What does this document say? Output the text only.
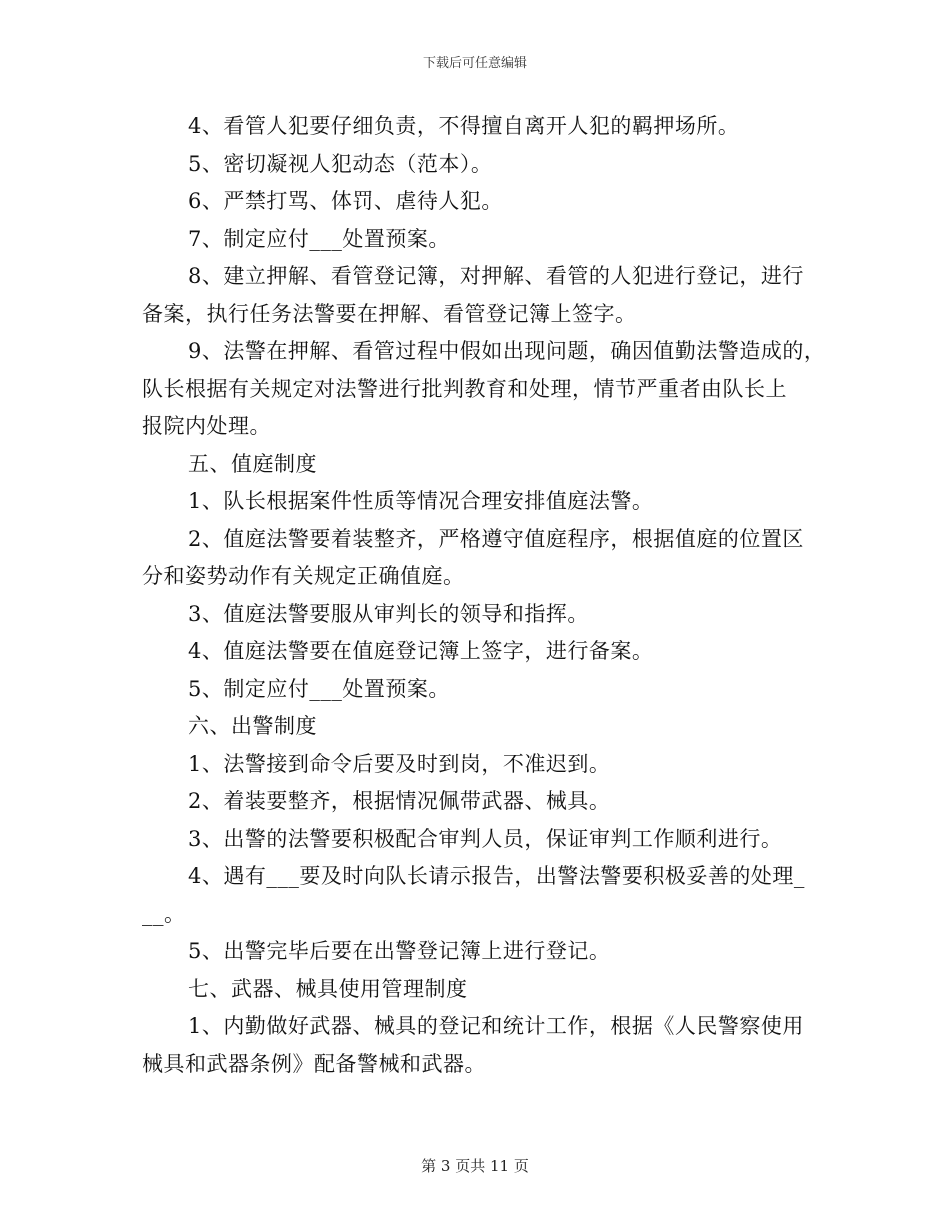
下载后可任意编辑
4、看管人犯要仔细负责，不得擅自离开人犯的羁押场所。
5、密切凝视人犯动态（范本）。
6、严禁打骂、体罚、虐待人犯。
7、制定应付___处置预案。
8、建立押解、看管登记簿，对押解、看管的人犯进行登记，进行
备案，执行任务法警要在押解、看管登记簿上签字。
9、法警在押解、看管过程中假如出现问题，确因值勤法警造成的，
队长根据有关规定对法警进行批判教育和处理，情节严重者由队长上
报院内处理。
五、值庭制度
1、队长根据案件性质等情况合理安排值庭法警。
2、值庭法警要着装整齐，严格遵守值庭程序，根据值庭的位置区
分和姿势动作有关规定正确值庭。
3、值庭法警要服从审判长的领导和指挥。
4、值庭法警要在值庭登记簿上签字，进行备案。
5、制定应付___处置预案。
六、出警制度
1、法警接到命令后要及时到岗，不准迟到。
2、着装要整齐，根据情况佩带武器、械具。
3、出警的法警要积极配合审判人员，保证审判工作顺利进行。
4、遇有___要及时向队长请示报告，出警法警要积极妥善的处理_
__。
5、出警完毕后要在出警登记簿上进行登记。
七、武器、械具使用管理制度
1、内勤做好武器、械具的登记和统计工作，根据《人民警察使用
械具和武器条例》配备警械和武器。
第 3 页共 11 页
